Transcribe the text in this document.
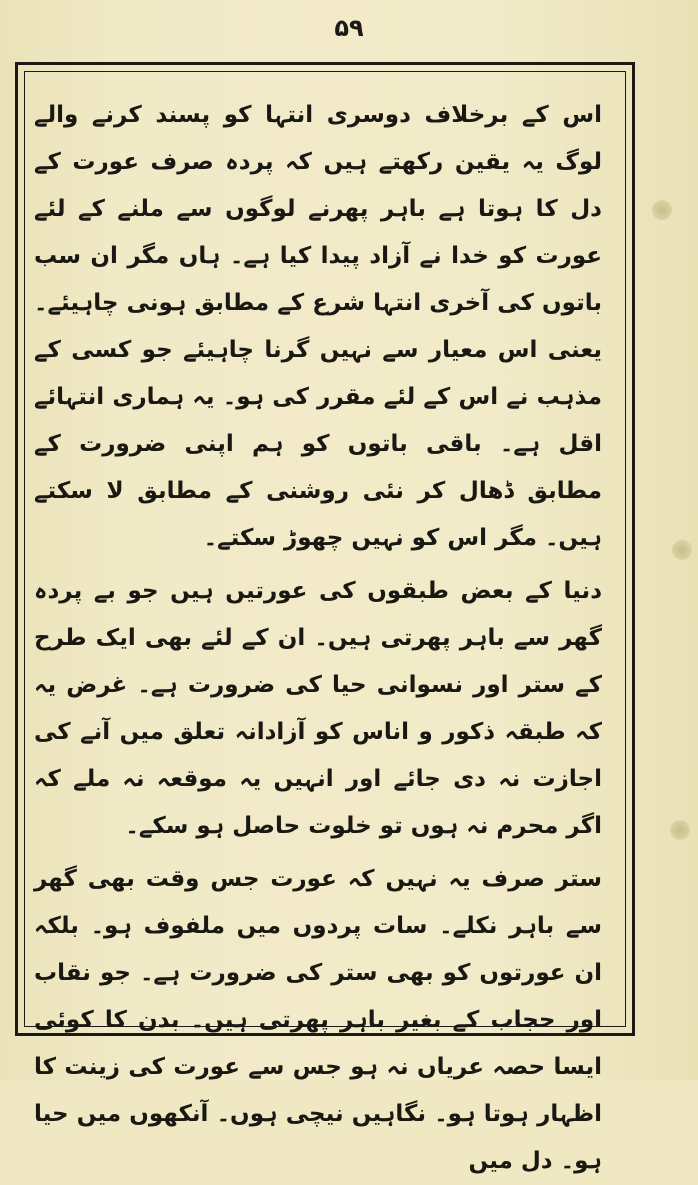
۵۹

اس کے برخلاف دوسری انتہا کو پسند کرنے والے لوگ یہ یقین رکھتے ہیں کہ پردہ صرف عورت کے دل کا ہوتا ہے باہر پھرنے لوگوں سے ملنے کے لئے عورت کو خدا نے آزاد پیدا کیا ہے۔ ہاں مگر ان سب باتوں کی آخری انتہا شرع کے مطابق ہونی چاہیئے۔ یعنی اس معیار سے نہیں گرنا چاہیئے جو کسی کے مذہب نے اس کے لئے مقرر کی ہو۔ یہ ہماری انتہائے اقل ہے۔ باقی باتوں کو ہم اپنی ضرورت کے مطابق ڈھال کر نئی روشنی کے مطابق لا سکتے ہیں۔ مگر اس کو نہیں چھوڑ سکتے۔

دنیا کے بعض طبقوں کی عورتیں ہیں جو بے پردہ گھر سے باہر پھرتی ہیں۔ ان کے لئے بھی ایک طرح کے ستر اور نسوانی حیا کی ضرورت ہے۔ غرض یہ کہ طبقہ ذکور و اناس کو آزادانہ تعلق میں آنے کی اجازت نہ دی جائے اور انہیں یہ موقعہ نہ ملے کہ اگر محرم نہ ہوں تو خلوت حاصل ہو سکے۔

ستر صرف یہ نہیں کہ عورت جس وقت بھی گھر سے باہر نکلے۔ سات پردوں میں ملفوف ہو۔ بلکہ ان عورتوں کو بھی ستر کی ضرورت ہے۔ جو نقاب اور حجاب کے بغیر باہر پھرتی ہیں۔ بدن کا کوئی ایسا حصہ عریاں نہ ہو جس سے عورت کی زینت کا اظہار ہوتا ہو۔ نگاہیں نیچی ہوں۔ آنکھوں میں حیا ہو۔ دل میں
